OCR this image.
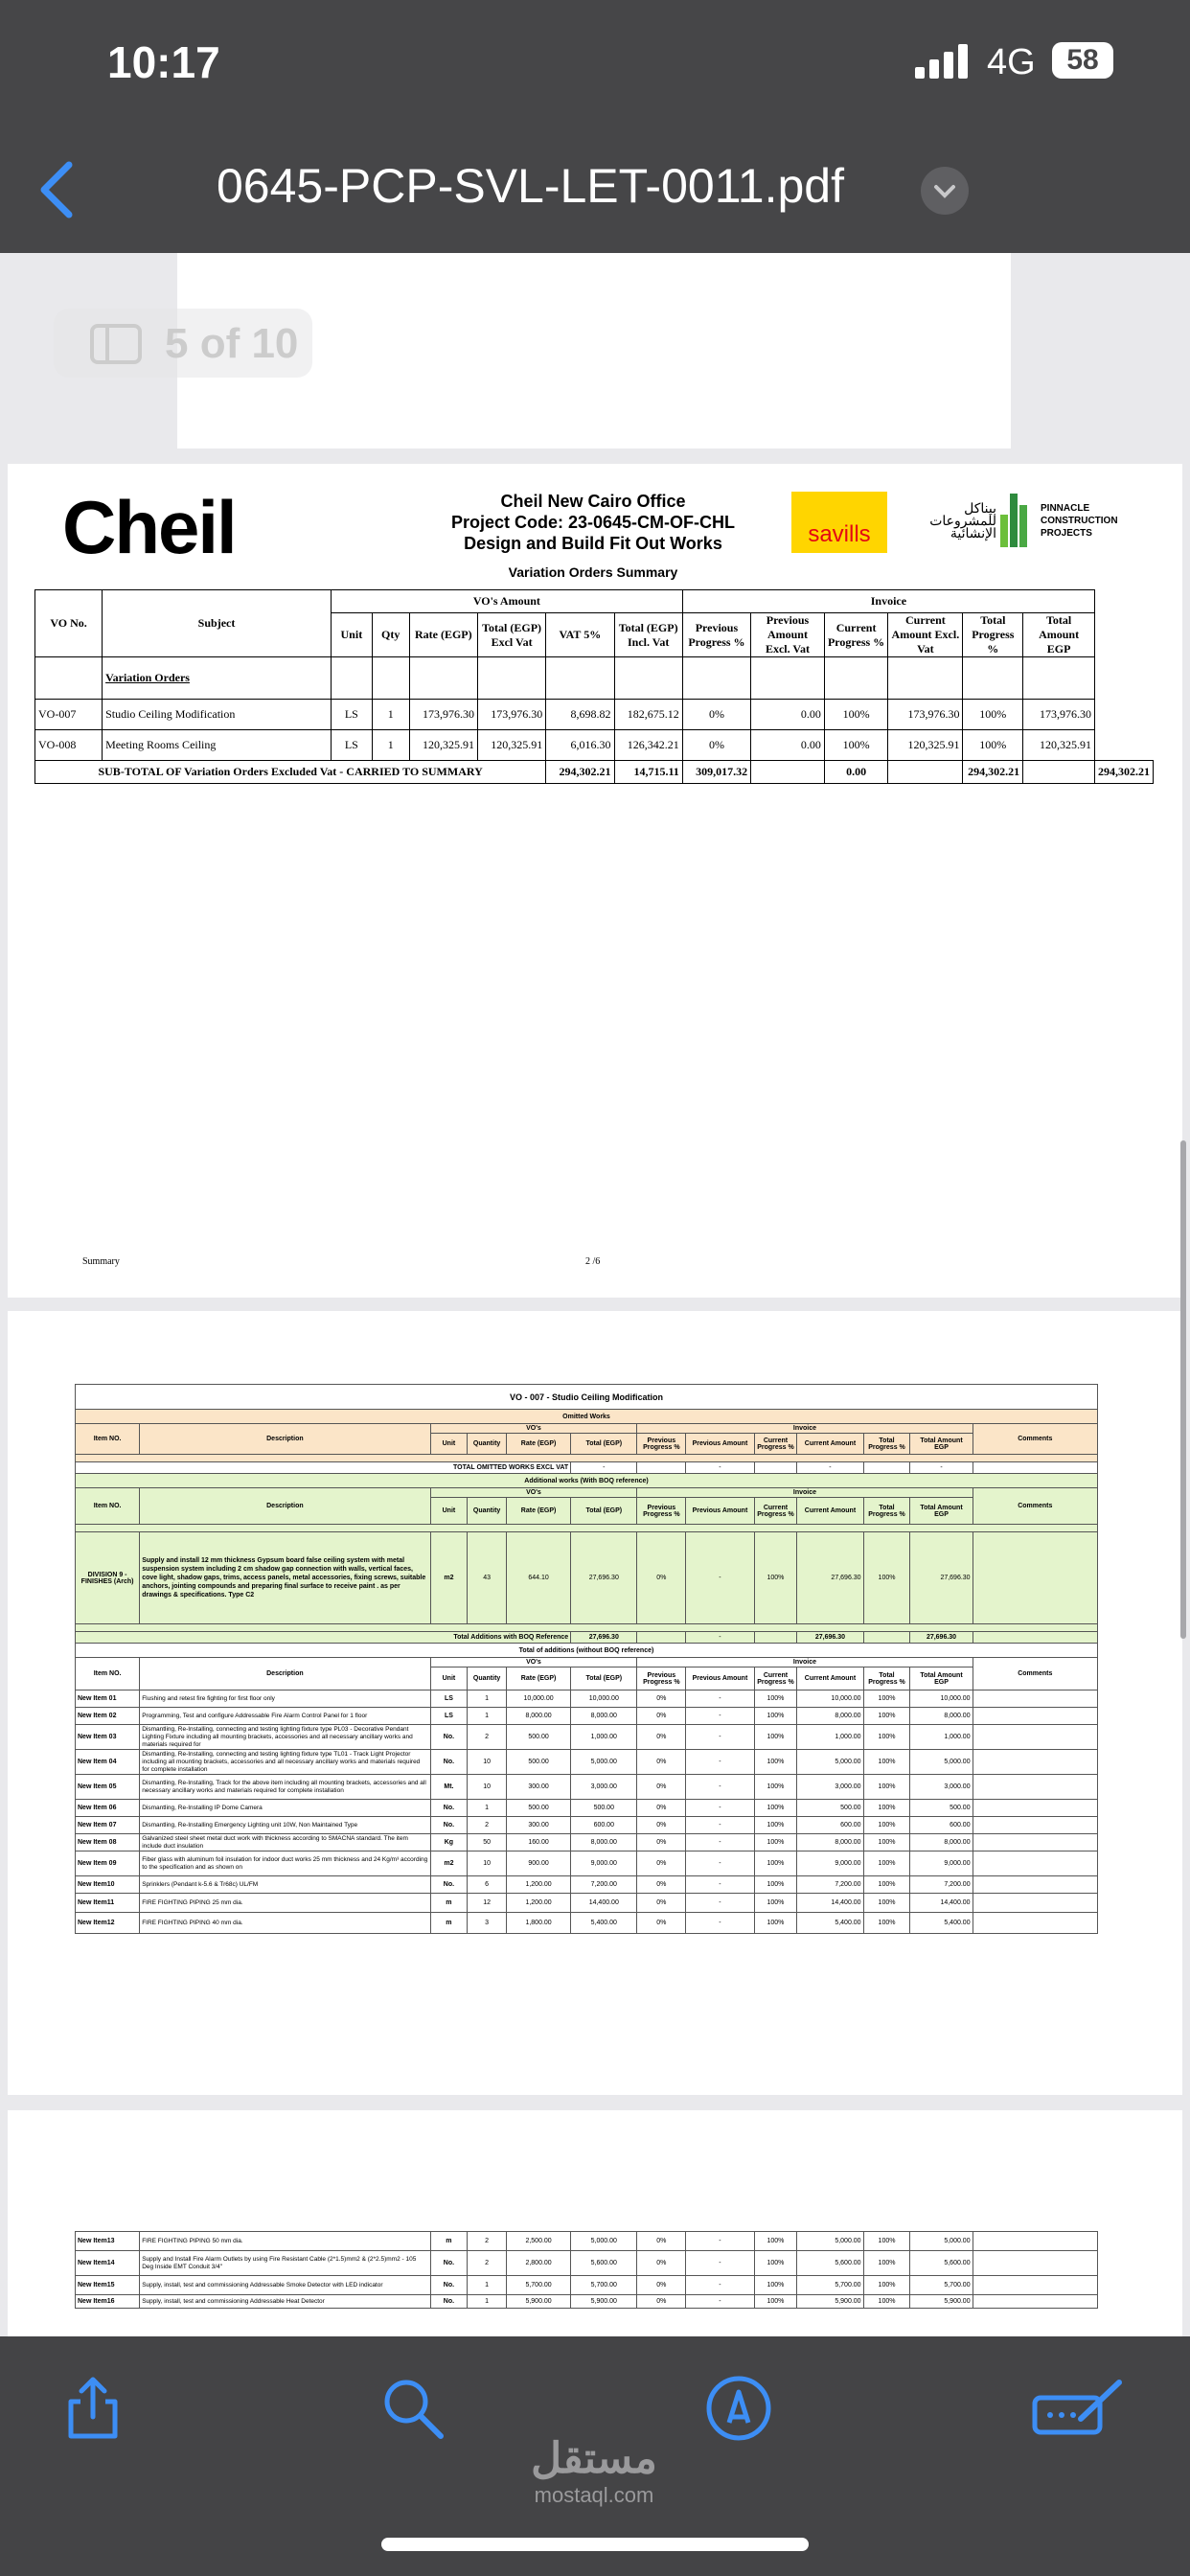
10:17	4G	58
0645-PCP-SVL-LET-0011.pdf
5 of 10
Cheil	Cheil New Cairo Office
Project Code: 23-0645-CM-OF-CHL
Design and Build Fit Out Works
Variation Orders Summary
savills
بيناكل للمشروعات الإنشائية
PINNACLE CONSTRUCTION PROJECTS
VO No.	Subject	VO's Amount						Invoice						
		Unit	Qty	Rate (EGP)	Total (EGP) Excl Vat	VAT 5%	Total (EGP) Incl. Vat	Previous Progress %	Previous Amount Excl. Vat	Current Progress %	Current Amount Excl. Vat	Total Progress %	Total Amount EGP	
	Variation Orders													
VO-007	Studio Ceiling Modification	LS	1	173,976.30	173,976.30	8,698.82	182,675.12	0%	0.00	100%	173,976.30	100%	173,976.30	
VO-008	Meeting Rooms Ceiling	LS	1	120,325.91	120,325.91	6,016.30	126,342.21	0%	0.00	100%	120,325.91	100%	120,325.91	
SUB-TOTAL OF Variation Orders Excluded Vat - CARRIED TO SUMMARY						294,302.21	14,715.11	309,017.32		0.00		294,302.21		294,302.21
Summary	2 /6
VO - 007 - Studio Ceiling Modification												
Omitted Works												
Item NO.	Description	VO's				Invoice						Comments
		Unit	Quantity	Rate (EGP)	Total (EGP)	Previous Progress %	Previous Amount	Current Progress %	Current Amount	Total Progress %	Total Amount EGP	

TOTAL OMITTED WORKS EXCL VAT					-		-		-		-	
Additional works (With BOQ reference)												
Item NO.	Description	VO's				Invoice						Comments
		Unit	Quantity	Rate (EGP)	Total (EGP)	Previous Progress %	Previous Amount	Current Progress %	Current Amount	Total Progress %	Total Amount EGP	

DIVISION 9 - FINISHES (Arch)	Supply and install 12 mm thickness Gypsum board false ceiling system with metal suspension system including 2 cm shadow gap connection with walls, vertical faces, cove light, shadow gaps, trims, access panels, metal accessories, fixing screws, suitable anchors, jointing compounds and preparing final surface to receive paint . as per drawings & specifications. Type C2	m2	43	644.10	27,696.30	0%	-	100%	27,696.30	100%	27,696.30	

Total Additions with BOQ Reference					27,696.30		-		27,696.30		27,696.30	
Total of additions (without BOQ reference)												
Item NO.	Description	VO's				Invoice						Comments
		Unit	Quantity	Rate (EGP)	Total (EGP)	Previous Progress %	Previous Amount	Current Progress %	Current Amount	Total Progress %	Total Amount EGP	
New Item 01	Flushing and retest fire fighting for first floor only	LS	1	10,000.00	10,000.00	0%	-	100%	10,000.00	100%	10,000.00	
New Item 02	Programming, Test and configure Addressable Fire Alarm Control Panel for 1 floor	LS	1	8,000.00	8,000.00	0%	-	100%	8,000.00	100%	8,000.00	
New Item 03	Dismantling, Re-Installing, connecting and testing lighting fixture type PL03 - Decorative Pendant Lighting Fixture including all mounting brackets, accessories and all necessary ancillary works and materials required for	No.	2	500.00	1,000.00	0%	-	100%	1,000.00	100%	1,000.00	
New Item 04	Dismantling, Re-Installing, connecting and testing lighting fixture type TL01 - Track Light Projector including all mounting brackets, accessories and all necessary ancillary works and materials required for complete installation	No.	10	500.00	5,000.00	0%	-	100%	5,000.00	100%	5,000.00	
New Item 05	Dismantling, Re-Installing, Track for the above item including all mounting brackets, accessories and all necessary ancillary works and materials required for complete installation	Mt.	10	300.00	3,000.00	0%	-	100%	3,000.00	100%	3,000.00	
New Item 06	Dismantling, Re-Installing IP Dome Camera	No.	1	500.00	500.00	0%	-	100%	500.00	100%	500.00	
New Item 07	Dismantling, Re-Installing Emergency Lighting unit 10W, Non Maintained Type	No.	2	300.00	600.00	0%	-	100%	600.00	100%	600.00	
New Item 08	Galvanized steel sheet metal duct work with thickness according to SMACNA standard. The item include duct insulation	Kg	50	160.00	8,000.00	0%	-	100%	8,000.00	100%	8,000.00	
New Item 09	Fiber glass with aluminum foil insulation for indoor duct works 25 mm thickness and 24 Kg/m³ according to the specification and as shown on	m2	10	900.00	9,000.00	0%	-	100%	9,000.00	100%	9,000.00	
New Item10	Sprinklers (Pendant k-5.6 & Tr68c) UL/FM	No.	6	1,200.00	7,200.00	0%	-	100%	7,200.00	100%	7,200.00	
New Item11	FIRE FIGHTING PIPING 25 mm dia.	m	12	1,200.00	14,400.00	0%	-	100%	14,400.00	100%	14,400.00	
New Item12	FIRE FIGHTING PIPING 40 mm dia.	m	3	1,800.00	5,400.00	0%	-	100%	5,400.00	100%	5,400.00	
New Item13	FIRE FIGHTING PIPING 50 mm dia.	m	2	2,500.00	5,000.00	0%	-	100%	5,000.00	100%	5,000.00	
New Item14	Supply and Install Fire Alarm Outlets by using Fire Resistant Cable (2*1.5)mm2 & (2*2.5)mm2 - 105 Deg Inside EMT Conduit 3/4"	No.	2	2,800.00	5,600.00	0%	-	100%	5,600.00	100%	5,600.00	
New Item15	Supply, install, test and commissioning Addressable Smoke Detector with LED indicator	No.	1	5,700.00	5,700.00	0%	-	100%	5,700.00	100%	5,700.00	
New Item16	Supply, install, test and commissioning Addressable Heat Detector	No.	1	5,900.00	5,900.00	0%	-	100%	5,900.00	100%	5,900.00	
مستقل
mostaql.com
